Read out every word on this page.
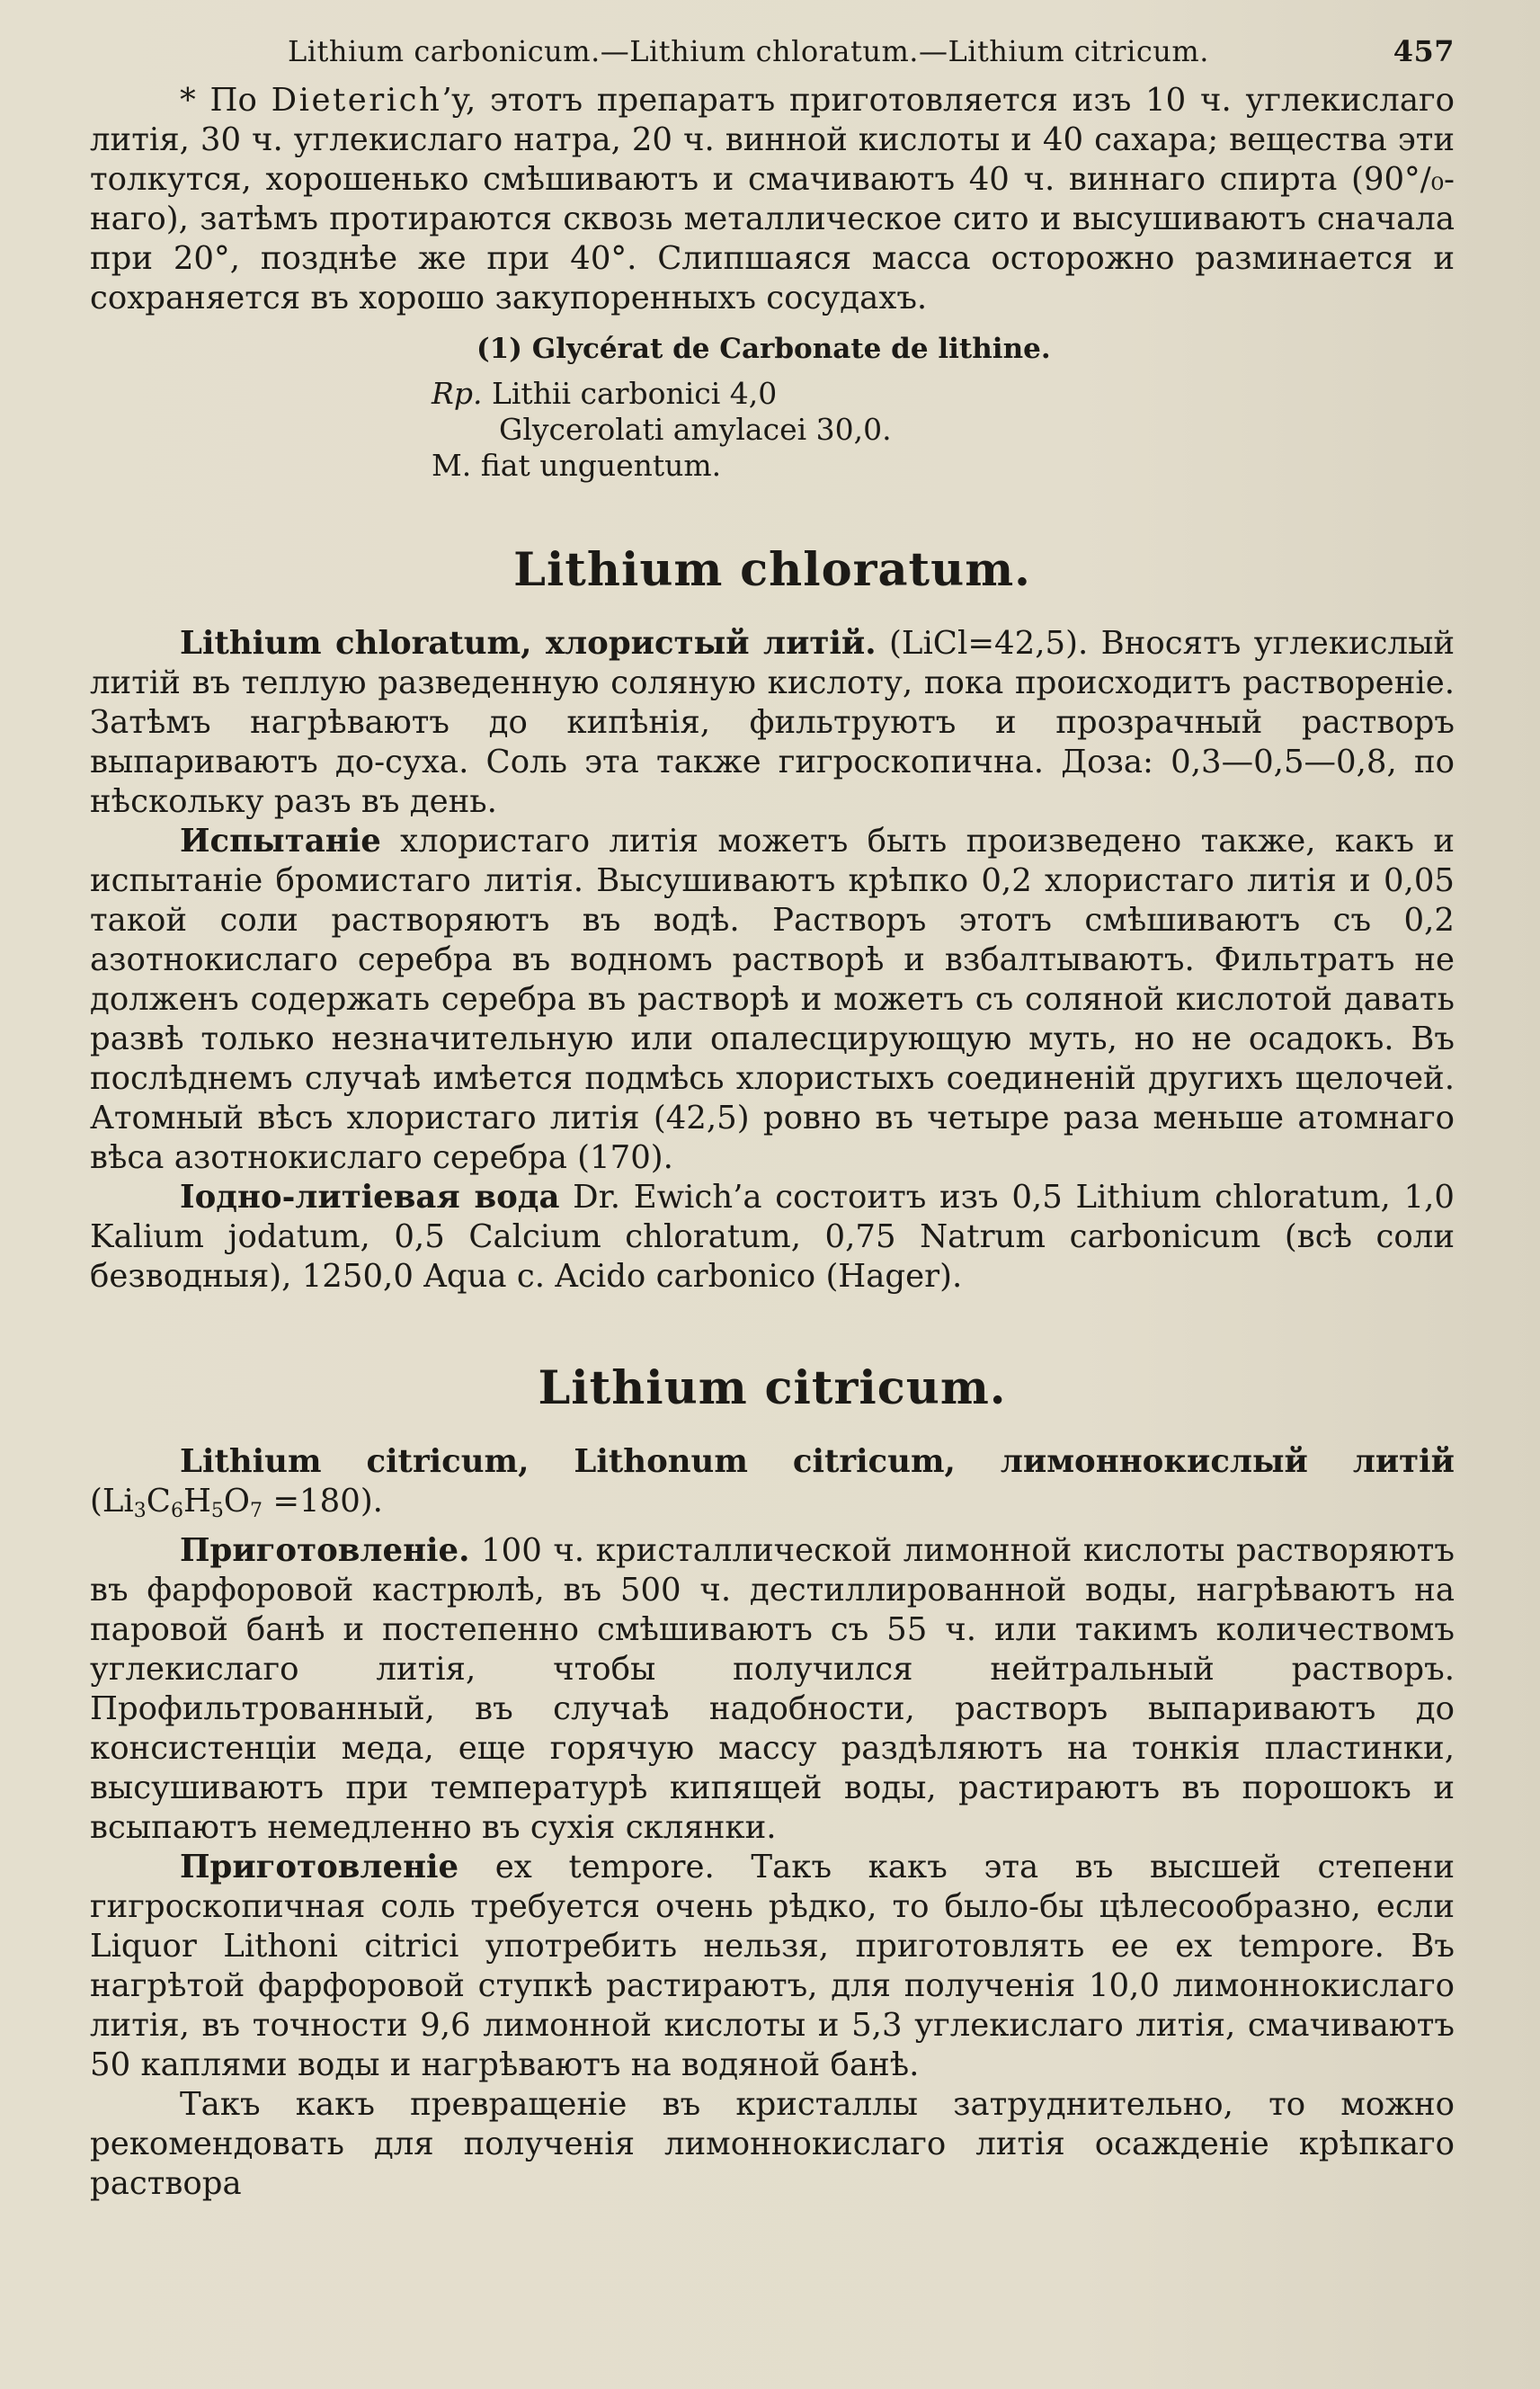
Lithium carbonicum.—Lithium chloratum.—Lithium citricum.	457

* По Dieterich’y, этотъ препаратъ приготовляется изъ 10 ч. углекислаго литія, 30 ч. углекислаго натра, 20 ч. винной кислоты и 40 сахара; вещества эти толкутся, хорошенько смѣшиваютъ и смачиваютъ 40 ч. виннаго спирта (90°/₀-наго), затѣмъ протираются сквозь металлическое сито и высушиваютъ сначала при 20°, позднѣе же при 40°. Слипшаяся масса осторожно разминается и сохраняется въ хорошо закупоренныхъ сосудахъ.

(1) Glycérat de Carbonate de lithine.
Rp. Lithii carbonici 4,0
Glycerolati amylacei 30,0.
M. fiat unguentum.
Lithium chloratum.

Lithium chloratum, хлористый литій. (LiCl=42,5). Вносятъ углекислый литій въ теплую разведенную соляную кислоту, пока происходитъ раствореніе. Затѣмъ нагрѣваютъ до кипѣнія, фильтруютъ и прозрачный растворъ выпариваютъ до-суха. Соль эта также гигроскопична. Доза: 0,3—0,5—0,8, по нѣскольку разъ въ день.

Испытаніе хлористаго литія можетъ быть произведено также, какъ и испытаніе бромистаго литія. Высушиваютъ крѣпко 0,2 хлористаго литія и 0,05 такой соли растворяютъ въ водѣ. Растворъ этотъ смѣшиваютъ съ 0,2 азотнокислаго серебра въ водномъ растворѣ и взбалтываютъ. Фильтратъ не долженъ содержать серебра въ растворѣ и можетъ съ соляной кислотой давать развѣ только незначительную или опалесцирующую муть, но не осадокъ. Въ послѣднемъ случаѣ имѣется подмѣсь хлористыхъ соединеній другихъ щелочей. Атомный вѣсъ хлористаго литія (42,5) ровно въ четыре раза меньше атомнаго вѣса азотнокислаго серебра (170).

Іодно-литіевая вода Dr. Ewich’a состоитъ изъ 0,5 Lithium chloratum, 1,0 Kalium jodatum, 0,5 Calcium chloratum, 0,75 Natrum carbonicum (всѣ соли безводныя), 1250,0 Aqua c. Acido carbonico (Hager).

Lithium citricum.

Lithium citricum, Lithonum citricum, лимоннокислый литій $(Li_3C_6H_5O_7 =180)$.

Приготовленіе. 100 ч. кристаллической лимонной кислоты растворяютъ въ фарфоровой кастрюлѣ, въ 500 ч. дестиллированной воды, нагрѣваютъ на паровой банѣ и постепенно смѣшиваютъ съ 55 ч. или такимъ количествомъ углекислаго литія, чтобы получился нейтральный растворъ. Профильтрованный, въ случаѣ надобности, растворъ выпариваютъ до консистенціи меда, еще горячую массу раздѣляютъ на тонкія пластинки, высушиваютъ при температурѣ кипящей воды, растираютъ въ порошокъ и всыпаютъ немедленно въ сухія склянки.

Приготовленіе ex tempore. Такъ какъ эта въ высшей степени гигроскопичная соль требуется очень рѣдко, то было-бы цѣлесообразно, если Liquor Lithoni citrici употребить нельзя, приготовлять ее ex tempore. Въ нагрѣтой фарфоровой ступкѣ растираютъ, для полученія 10,0 лимоннокислаго литія, въ точности 9,6 лимонной кислоты и 5,3 углекислаго литія, смачиваютъ 50 каплями воды и нагрѣваютъ на водяной банѣ.

Такъ какъ превращеніе въ кристаллы затруднительно, то можно рекомендовать для полученія лимоннокислаго литія осажденіе крѣпкаго раствора
